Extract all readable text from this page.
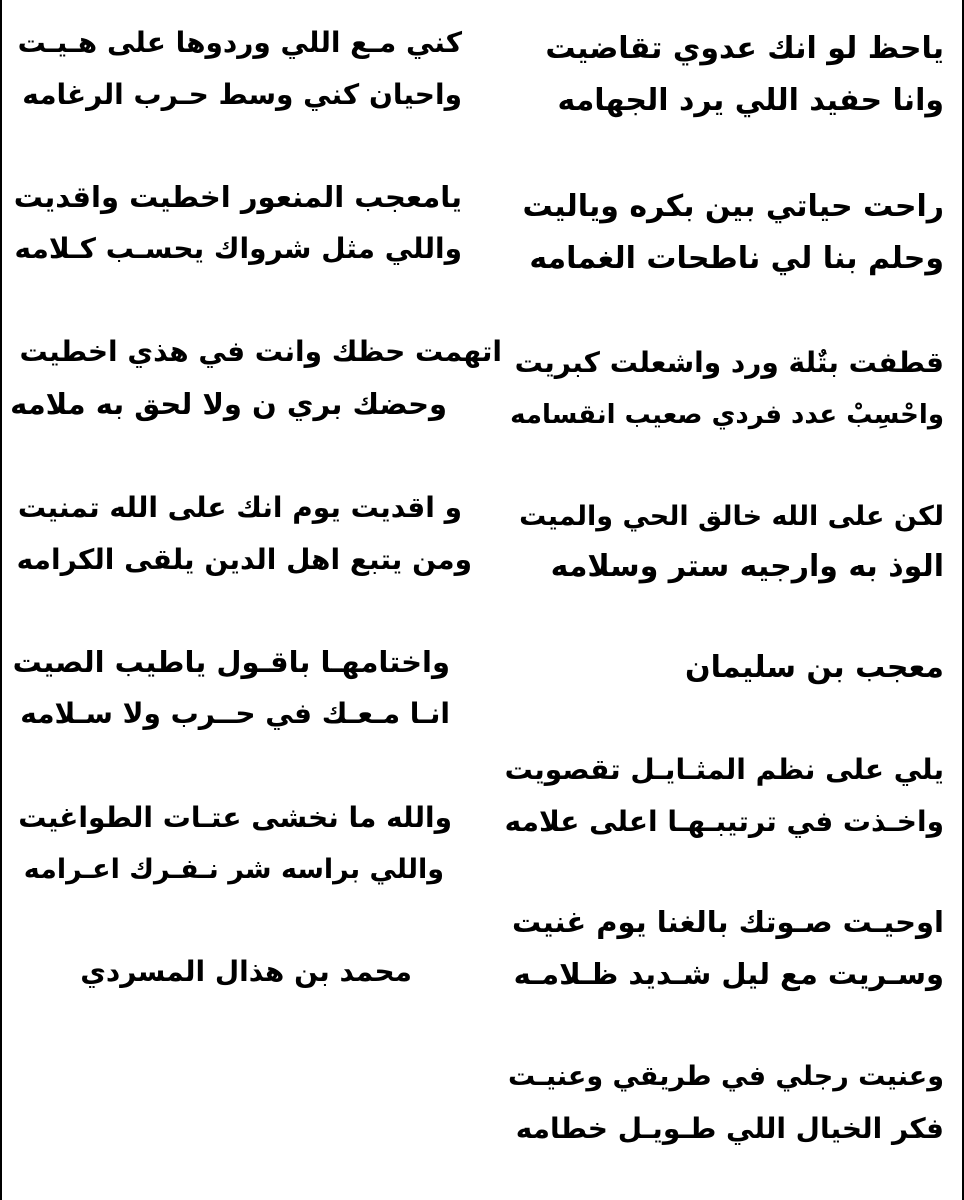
ياحظ لو انك عدوي تقاضيت
وانا حفيد اللي يرد الجهامه
راحت حياتي بين بكره وياليت
وحلم بنا لي ناطحات الغمامه
قطفت بتٌلة ورد واشعلت كبريت
واحْسِبْ عدد فردي صعيب انقسامه
لكن على الله خالق الحي والميت
الوذ به وارجيه ستر وسلامه
معجب بن سليمان
يلي على نظم المثـايـل تقصويت
واخـذت في ترتيبـهـا اعلى علامه
اوحيـت صـوتك بالغنا يوم غنيت
وسـريت مع ليل شـديد ظـلامـه
وعنيت رجلي في طريقي وعنيـت
فكر الخيال اللي طـويـل خطامه
كني مـع اللي وردوها على هـيـت
واحيان كني وسط حـرب الرغامه
يامعجب المنعور اخطيت واقديت
واللي مثل شرواك يحسـب كـلامه
اتهمت حظك وانت في هذي اخطيت
وحضك بري ن ولا لحق به ملامه
و اقديت يوم انك على الله تمنيت
ومن يتبع اهل الدين يلقى الكرامه
واختامهـا باقـول ياطيب الصيت
انـا مـعـك في حــرب ولا سـلامه
والله ما نخشى عتـات الطواغيت
واللي براسه شر نـفـرك اعـرامه
محمد بن هذال المسردي
